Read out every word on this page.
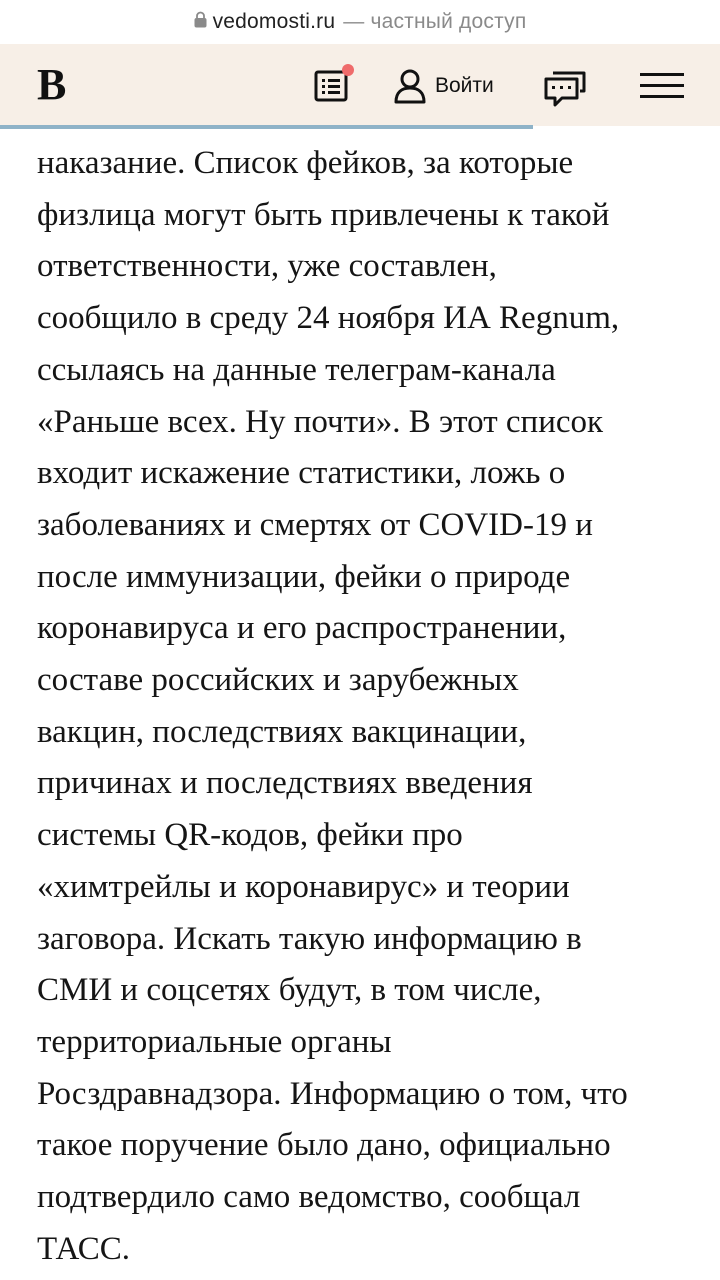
vedomosti.ru — частный доступ
B	Войти

наказание. Список фейков, за которые
физлица могут быть привлечены к такой
ответственности, уже составлен,
сообщило в среду 24 ноября ИА Regnum,
ссылаясь на данные телеграм-канала
«Раньше всех. Ну почти». В этот список
входит искажение статистики, ложь о
заболеваниях и смертях от COVID-19 и
после иммунизации, фейки о природе
коронавируса и его распространении,
составе российских и зарубежных
вакцин, последствиях вакцинации,
причинах и последствиях введения
системы QR-кодов, фейки про
«химтрейлы и коронавирус» и теории
заговора. Искать такую информацию в
СМИ и соцсетях будут, в том числе,
территориальные органы
Росздравнадзора. Информацию о том, что
такое поручение было дано, официально
подтвердило само ведомство, сообщал
ТАСС.
